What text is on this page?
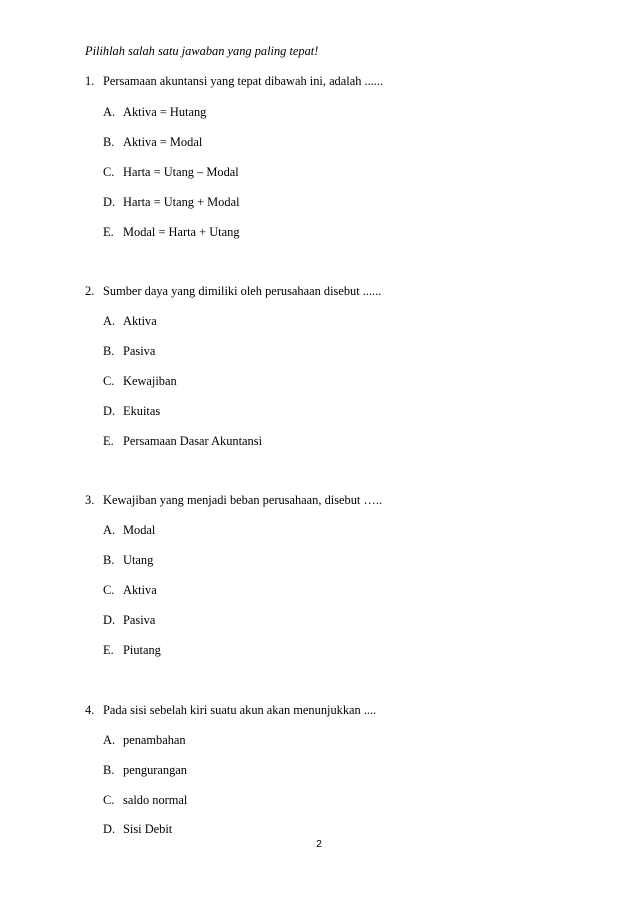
Pilihlah salah satu jawaban yang paling tepat!
1. Persamaan akuntansi yang tepat dibawah ini, adalah ......
A. Aktiva = Hutang
B. Aktiva = Modal
C. Harta = Utang – Modal
D. Harta = Utang + Modal
E. Modal = Harta + Utang
2. Sumber daya yang dimiliki oleh perusahaan disebut ......
A. Aktiva
B. Pasiva
C. Kewajiban
D. Ekuitas
E. Persamaan Dasar Akuntansi
3. Kewajiban yang menjadi beban perusahaan, disebut …..
A. Modal
B. Utang
C. Aktiva
D. Pasiva
E. Piutang
4. Pada sisi sebelah kiri suatu akun akan menunjukkan ....
A. penambahan
B. pengurangan
C. saldo normal
D. Sisi Debit
2
